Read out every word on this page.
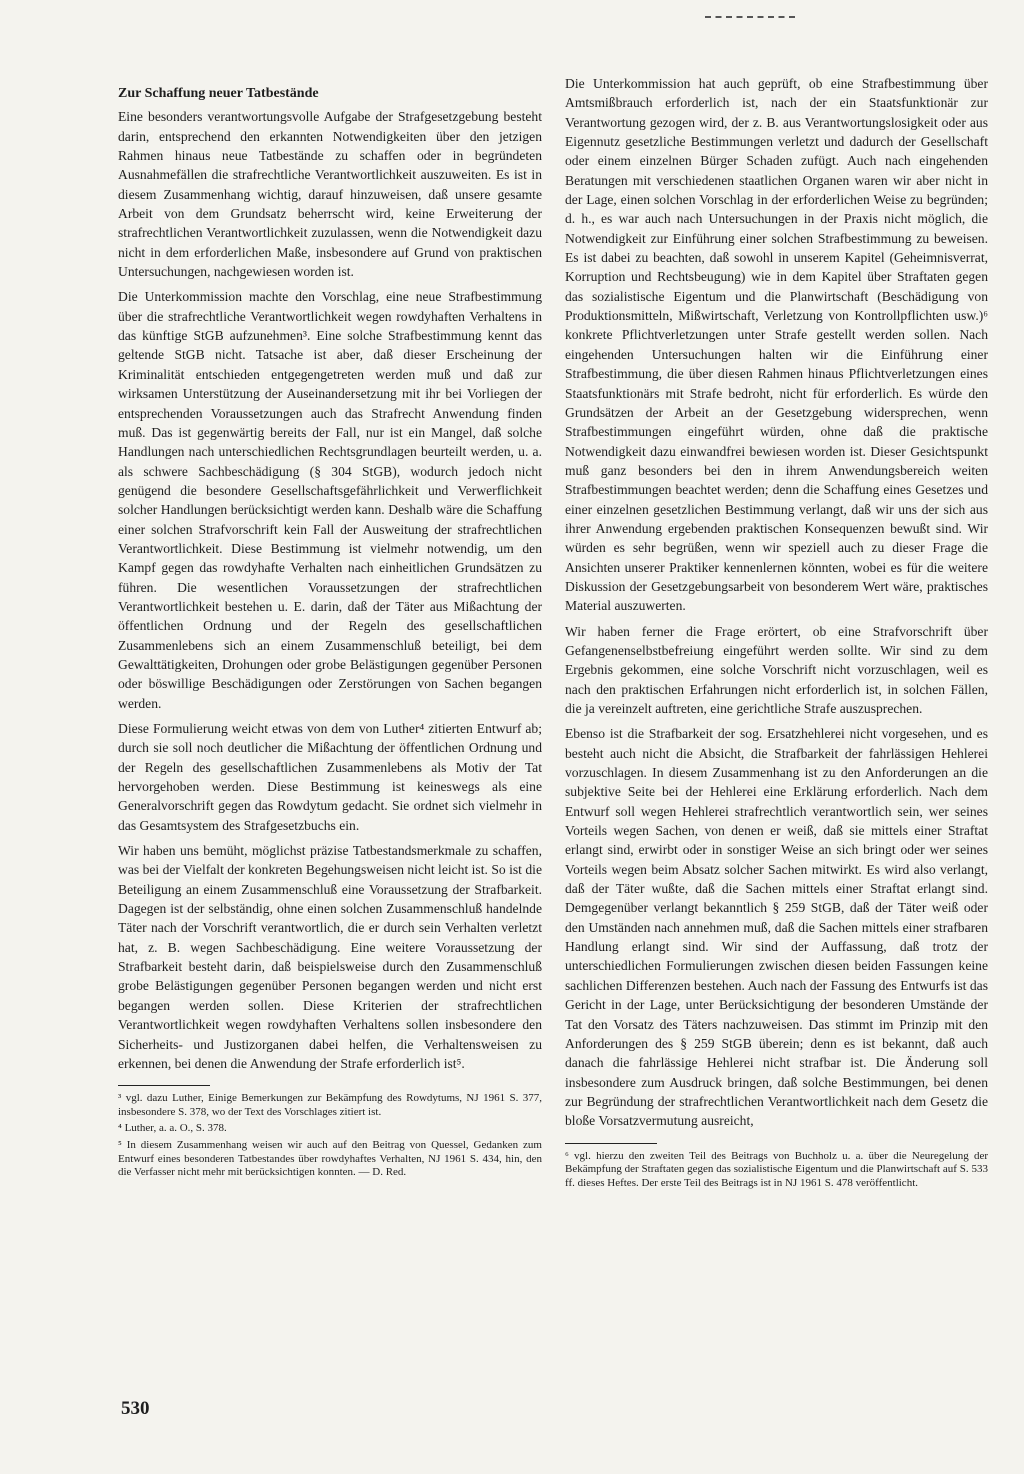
Zur Schaffung neuer Tatbestände

Eine besonders verantwortungsvolle Aufgabe der Strafgesetzgebung besteht darin, entsprechend den erkannten Notwendigkeiten über den jetzigen Rahmen hinaus neue Tatbestände zu schaffen oder in begründeten Ausnahmefällen die strafrechtliche Verantwortlichkeit auszuweiten. Es ist in diesem Zusammenhang wichtig, darauf hinzuweisen, daß unsere gesamte Arbeit von dem Grundsatz beherrscht wird, keine Erweiterung der strafrechtlichen Verantwortlichkeit zuzulassen, wenn die Notwendigkeit dazu nicht in dem erforderlichen Maße, insbesondere auf Grund von praktischen Untersuchungen, nachgewiesen worden ist.

Die Unterkommission machte den Vorschlag, eine neue Strafbestimmung über die strafrechtliche Verantwortlichkeit wegen rowdyhaften Verhaltens in das künftige StGB aufzunehmen³. Eine solche Strafbestimmung kennt das geltende StGB nicht. Tatsache ist aber, daß dieser Erscheinung der Kriminalität entschieden entgegengetreten werden muß und daß zur wirksamen Unterstützung der Auseinandersetzung mit ihr bei Vorliegen der entsprechenden Voraussetzungen auch das Strafrecht Anwendung finden muß. Das ist gegenwärtig bereits der Fall, nur ist ein Mangel, daß solche Handlungen nach unterschiedlichen Rechtsgrundlagen beurteilt werden, u. a. als schwere Sachbeschädigung (§ 304 StGB), wodurch jedoch nicht genügend die besondere Gesellschaftsgefährlichkeit und Verwerflichkeit solcher Handlungen berücksichtigt werden kann. Deshalb wäre die Schaffung einer solchen Strafvorschrift kein Fall der Ausweitung der strafrechtlichen Verantwortlichkeit. Diese Bestimmung ist vielmehr notwendig, um den Kampf gegen das rowdyhafte Verhalten nach einheitlichen Grundsätzen zu führen. Die wesentlichen Voraussetzungen der strafrechtlichen Verantwortlichkeit bestehen u. E. darin, daß der Täter aus Mißachtung der öffentlichen Ordnung und der Regeln des gesellschaftlichen Zusammenlebens sich an einem Zusammenschluß beteiligt, bei dem Gewalttätigkeiten, Drohungen oder grobe Belästigungen gegenüber Personen oder böswillige Beschädigungen oder Zerstörungen von Sachen begangen werden.

Diese Formulierung weicht etwas von dem von Luther⁴ zitierten Entwurf ab; durch sie soll noch deutlicher die Mißachtung der öffentlichen Ordnung und der Regeln des gesellschaftlichen Zusammenlebens als Motiv der Tat hervorgehoben werden. Diese Bestimmung ist keineswegs als eine Generalvorschrift gegen das Rowdytum gedacht. Sie ordnet sich vielmehr in das Gesamtsystem des Strafgesetzbuchs ein.

Wir haben uns bemüht, möglichst präzise Tatbestandsmerkmale zu schaffen, was bei der Vielfalt der konkreten Begehungsweisen nicht leicht ist. So ist die Beteiligung an einem Zusammenschluß eine Voraussetzung der Strafbarkeit. Dagegen ist der selbständig, ohne einen solchen Zusammenschluß handelnde Täter nach der Vorschrift verantwortlich, die er durch sein Verhalten verletzt hat, z. B. wegen Sachbeschädigung. Eine weitere Voraussetzung der Strafbarkeit besteht darin, daß beispielsweise durch den Zusammenschluß grobe Belästigungen gegenüber Personen begangen werden und nicht erst begangen werden sollen. Diese Kriterien der strafrechtlichen Verantwortlichkeit wegen rowdyhaften Verhaltens sollen insbesondere den Sicherheits- und Justizorganen dabei helfen, die Verhaltensweisen zu erkennen, bei denen die Anwendung der Strafe erforderlich ist⁵.

³ vgl. dazu Luther, Einige Bemerkungen zur Bekämpfung des Rowdytums, NJ 1961 S. 377, insbesondere S. 378, wo der Text des Vorschlages zitiert ist.

⁴ Luther, a. a. O., S. 378.

⁵ In diesem Zusammenhang weisen wir auch auf den Beitrag von Quessel, Gedanken zum Entwurf eines besonderen Tatbestandes über rowdyhaftes Verhalten, NJ 1961 S. 434, hin, den die Verfasser nicht mehr mit berücksichtigen konnten. — D. Red.

Die Unterkommission hat auch geprüft, ob eine Strafbestimmung über Amtsmißbrauch erforderlich ist, nach der ein Staatsfunktionär zur Verantwortung gezogen wird, der z. B. aus Verantwortungslosigkeit oder aus Eigennutz gesetzliche Bestimmungen verletzt und dadurch der Gesellschaft oder einem einzelnen Bürger Schaden zufügt. Auch nach eingehenden Beratungen mit verschiedenen staatlichen Organen waren wir aber nicht in der Lage, einen solchen Vorschlag in der erforderlichen Weise zu begründen; d. h., es war auch nach Untersuchungen in der Praxis nicht möglich, die Notwendigkeit zur Einführung einer solchen Strafbestimmung zu beweisen. Es ist dabei zu beachten, daß sowohl in unserem Kapitel (Geheimnisverrat, Korruption und Rechtsbeugung) wie in dem Kapitel über Straftaten gegen das sozialistische Eigentum und die Planwirtschaft (Beschädigung von Produktionsmitteln, Mißwirtschaft, Verletzung von Kontrollpflichten usw.)⁶ konkrete Pflichtverletzungen unter Strafe gestellt werden sollen. Nach eingehenden Untersuchungen halten wir die Einführung einer Strafbestimmung, die über diesen Rahmen hinaus Pflichtverletzungen eines Staatsfunktionärs mit Strafe bedroht, nicht für erforderlich. Es würde den Grundsätzen der Arbeit an der Gesetzgebung widersprechen, wenn Strafbestimmungen eingeführt würden, ohne daß die praktische Notwendigkeit dazu einwandfrei bewiesen worden ist. Dieser Gesichtspunkt muß ganz besonders bei den in ihrem Anwendungsbereich weiten Strafbestimmungen beachtet werden; denn die Schaffung eines Gesetzes und einer einzelnen gesetzlichen Bestimmung verlangt, daß wir uns der sich aus ihrer Anwendung ergebenden praktischen Konsequenzen bewußt sind. Wir würden es sehr begrüßen, wenn wir speziell auch zu dieser Frage die Ansichten unserer Praktiker kennenlernen könnten, wobei es für die weitere Diskussion der Gesetzgebungsarbeit von besonderem Wert wäre, praktisches Material auszuwerten.

Wir haben ferner die Frage erörtert, ob eine Strafvorschrift über Gefangenenselbstbefreiung eingeführt werden sollte. Wir sind zu dem Ergebnis gekommen, eine solche Vorschrift nicht vorzuschlagen, weil es nach den praktischen Erfahrungen nicht erforderlich ist, in solchen Fällen, die ja vereinzelt auftreten, eine gerichtliche Strafe auszusprechen.

Ebenso ist die Strafbarkeit der sog. Ersatzhehlerei nicht vorgesehen, und es besteht auch nicht die Absicht, die Strafbarkeit der fahrlässigen Hehlerei vorzuschlagen. In diesem Zusammenhang ist zu den Anforderungen an die subjektive Seite bei der Hehlerei eine Erklärung erforderlich. Nach dem Entwurf soll wegen Hehlerei strafrechtlich verantwortlich sein, wer seines Vorteils wegen Sachen, von denen er weiß, daß sie mittels einer Straftat erlangt sind, erwirbt oder in sonstiger Weise an sich bringt oder wer seines Vorteils wegen beim Absatz solcher Sachen mitwirkt. Es wird also verlangt, daß der Täter wußte, daß die Sachen mittels einer Straftat erlangt sind. Demgegenüber verlangt bekanntlich § 259 StGB, daß der Täter weiß oder den Umständen nach annehmen muß, daß die Sachen mittels einer strafbaren Handlung erlangt sind. Wir sind der Auffassung, daß trotz der unterschiedlichen Formulierungen zwischen diesen beiden Fassungen keine sachlichen Differenzen bestehen. Auch nach der Fassung des Entwurfs ist das Gericht in der Lage, unter Berücksichtigung der besonderen Umstände der Tat den Vorsatz des Täters nachzuweisen. Das stimmt im Prinzip mit den Anforderungen des § 259 StGB überein; denn es ist bekannt, daß auch danach die fahrlässige Hehlerei nicht strafbar ist. Die Änderung soll insbesondere zum Ausdruck bringen, daß solche Bestimmungen, bei denen zur Begründung der strafrechtlichen Verantwortlichkeit nach dem Gesetz die bloße Vorsatzvermutung ausreicht,

⁶ vgl. hierzu den zweiten Teil des Beitrags von Buchholz u. a. über die Neuregelung der Bekämpfung der Straftaten gegen das sozialistische Eigentum und die Planwirtschaft auf S. 533 ff. dieses Heftes. Der erste Teil des Beitrags ist in NJ 1961 S. 478 veröffentlicht.

530
